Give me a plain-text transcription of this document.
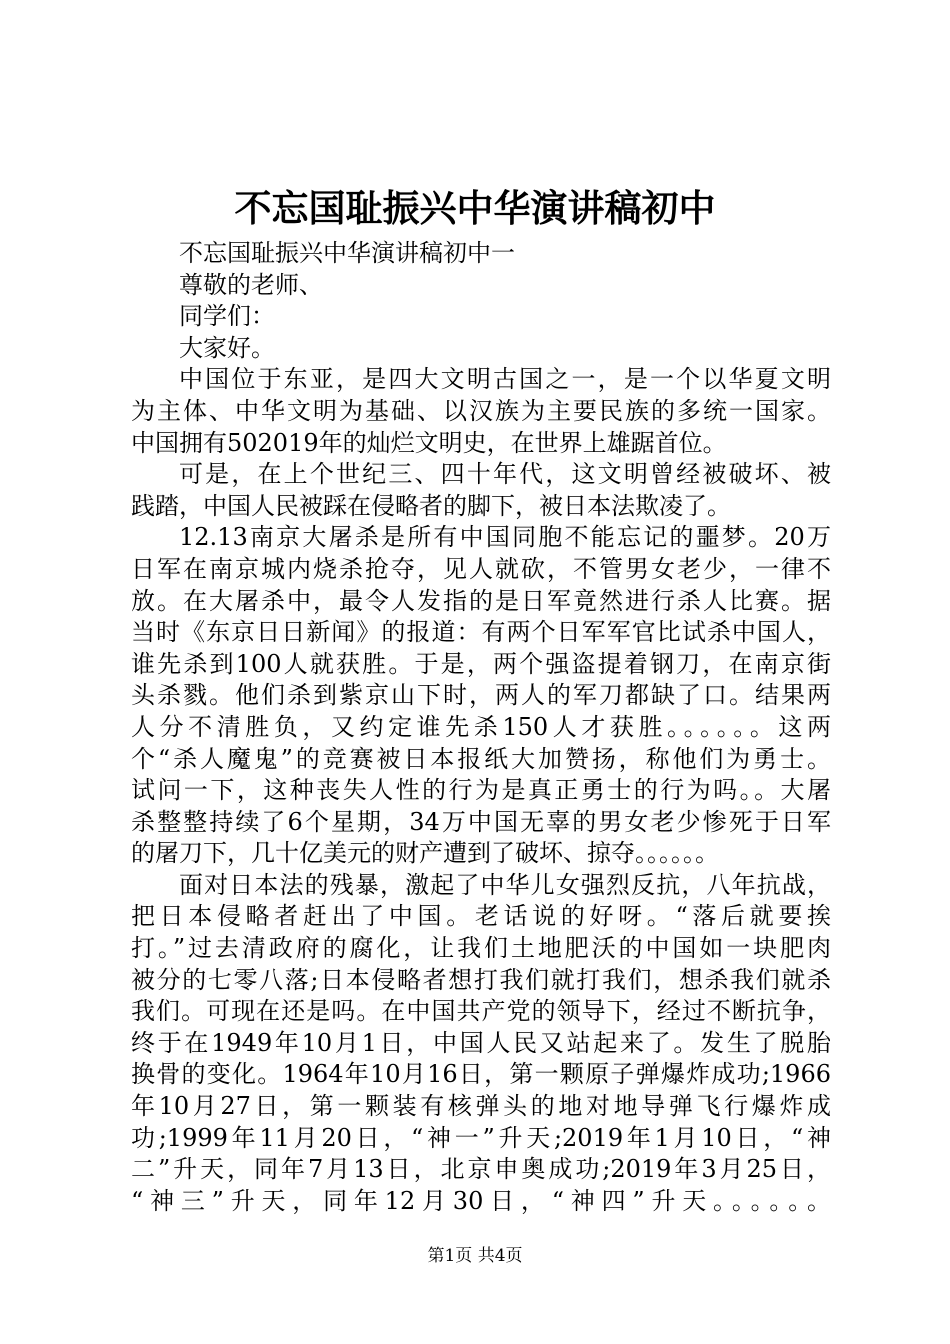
不忘国耻振兴中华演讲稿初中
不忘国耻振兴中华演讲稿初中一
尊敬的老师、
同学们：
大家好。
中国位于东亚，是四大文明古国之一，是一个以华夏文明
为主体、中华文明为基础、以汉族为主要民族的多统一国家。
中国拥有502019年的灿烂文明史，在世界上雄踞首位。
可是，在上个世纪三、四十年代，这文明曾经被破坏、被
践踏，中国人民被踩在侵略者的脚下，被日本法欺凌了。
12.13南京大屠杀是所有中国同胞不能忘记的噩梦。20万
日军在南京城内烧杀抢夺，见人就砍，不管男女老少，一律不
放。在大屠杀中，最令人发指的是日军竟然进行杀人比赛。据
当时《东京日日新闻》的报道：有两个日军军官比试杀中国人，
谁先杀到100人就获胜。于是，两个强盗提着钢刀，在南京街
头杀戮。他们杀到紫京山下时，两人的军刀都缺了口。结果两
人分不清胜负，又约定谁先杀150人才获胜。。。。。。这两
个“杀人魔鬼”的竞赛被日本报纸大加赞扬，称他们为勇士。
试问一下，这种丧失人性的行为是真正勇士的行为吗。。大屠
杀整整持续了6个星期，34万中国无辜的男女老少惨死于日军
的屠刀下，几十亿美元的财产遭到了破坏、掠夺。。。。。。
面对日本法的残暴，激起了中华儿女强烈反抗，八年抗战，
把日本侵略者赶出了中国。老话说的好呀。“落后就要挨
打。”过去清政府的腐化，让我们土地肥沃的中国如一块肥肉
被分的七零八落;日本侵略者想打我们就打我们，想杀我们就杀
我们。可现在还是吗。在中国共产党的领导下，经过不断抗争，
终于在1949年10月1日，中国人民又站起来了。发生了脱胎
换骨的变化。1964年10月16日，第一颗原子弹爆炸成功;1966
年10月27日，第一颗装有核弹头的地对地导弹飞行爆炸成
功;1999年11月20日，“神一”升天;2019年1月10日，“神
二”升天，同年7月13日，北京申奥成功;2019年3月25日，
“神三”升天，同年12月30日，“神四”升天。。。。。。
第1页 共4页
